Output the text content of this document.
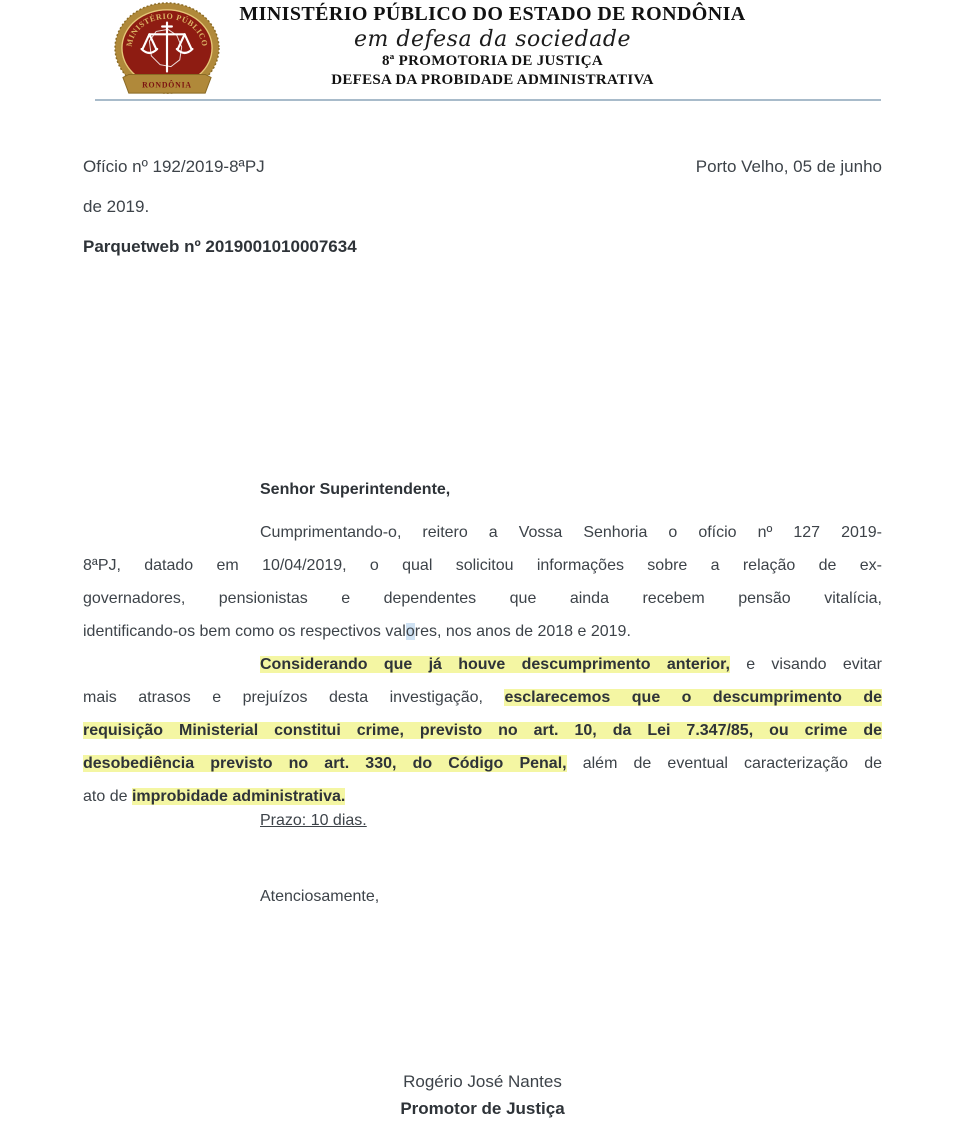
MINISTÉRIO PÚBLICO
RONDÔNIA
MINISTÉRIO PÚBLICO DO ESTADO DE RONDÔNIA
em defesa da sociedade
8ª PROMOTORIA DE JUSTIÇA
DEFESA DA PROBIDADE ADMINISTRATIVA
Ofício nº 192/2019-8ªPJ	Porto Velho, 05 de junho
de 2019.
Parquetweb nº 2019001010007634
Senhor Superintendente,
Cumprimentando-o, reitero a Vossa Senhoria o ofício nº 127 2019-
8ªPJ, datado em 10/04/2019, o qual solicitou informações sobre a relação de ex-
governadores, pensionistas e dependentes que ainda recebem pensão vitalícia,
identificando-os bem como os respectivos valores, nos anos de 2018 e 2019.
Considerando que já houve descumprimento anterior, e visando evitar
mais atrasos e prejuízos desta investigação, esclarecemos que o descumprimento de
requisição Ministerial constitui crime, previsto no art. 10, da Lei 7.347/85, ou crime de
desobediência previsto no art. 330, do Código Penal, além de eventual caracterização de
ato de improbidade administrativa.
Prazo: 10 dias.
Atenciosamente,
Rogério José Nantes
Promotor de Justiça
